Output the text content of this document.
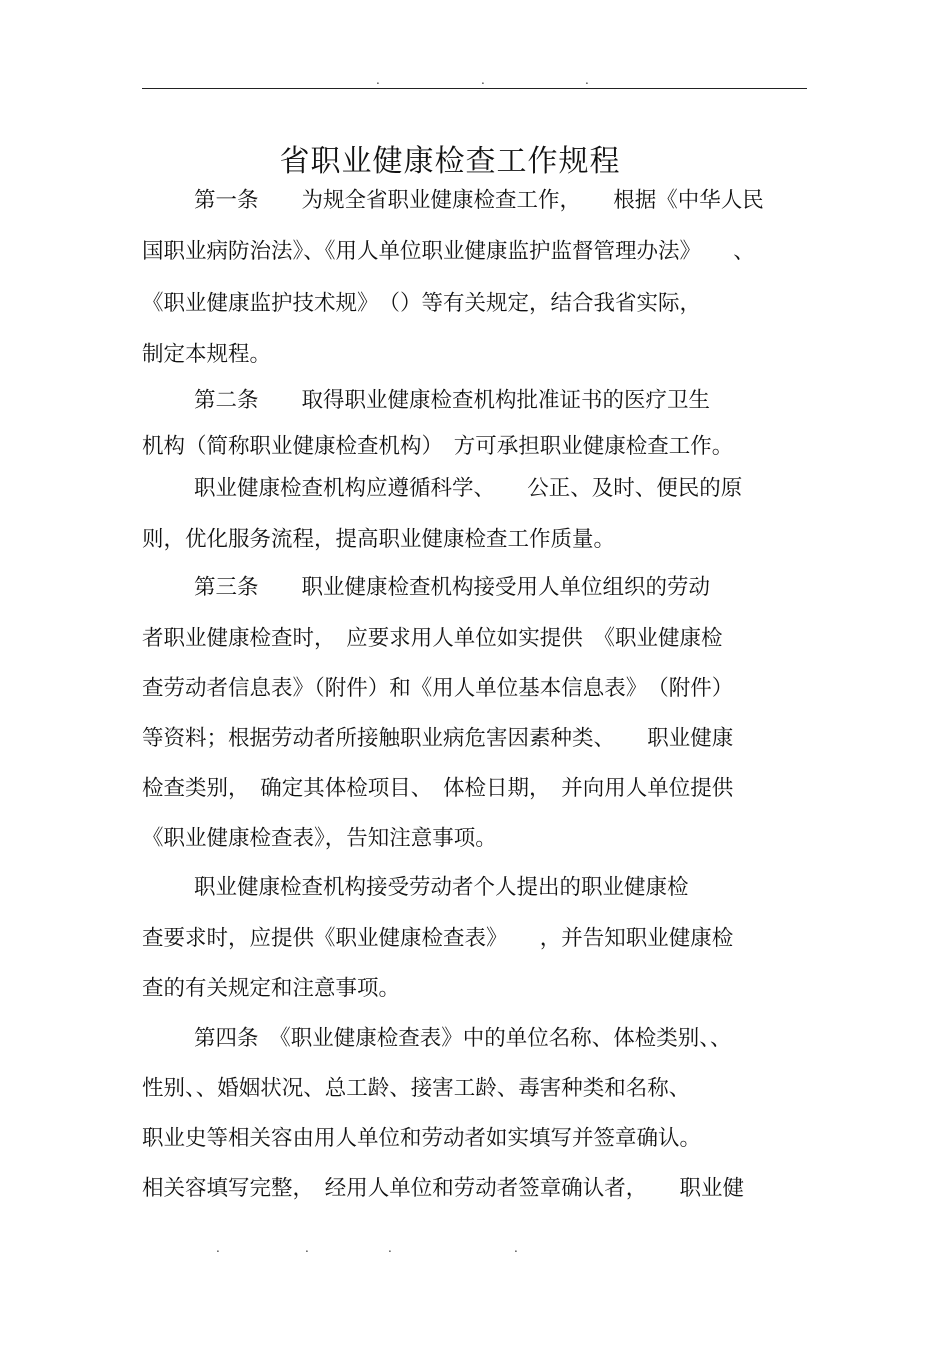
.	.	.
省职业健康检查工作规程
第一条　　为规全省职业健康检查工作，　　根据《中华人民
国职业病防治法》、《用人单位职业健康监护监督管理办法》　　、
《职业健康监护技术规》　（）等有关规定，结合我省实际，
制定本规程。
第二条　　取得职业健康检查机构批准证书的医疗卫生
机构（简称职业健康检查机构）　方可承担职业健康检查工作。
职业健康检查机构应遵循科学、　　公正、及时、便民的原
则，优化服务流程，提高职业健康检查工作质量。
第三条　　职业健康检查机构接受用人单位组织的劳动
者职业健康检查时，　应要求用人单位如实提供　《职业健康检
查劳动者信息表》（附件）和《用人单位基本信息表》　（附件）
等资料；根据劳动者所接触职业病危害因素种类、　　职业健康
检查类别，　确定其体检项目、　体检日期，　并向用人单位提供
《职业健康检查表》，告知注意事项。
职业健康检查机构接受劳动者个人提出的职业健康检
查要求时，应提供《职业健康检查表》　　，并告知职业健康检
查的有关规定和注意事项。
第四条　《职业健康检查表》中的单位名称、体检类别、、
性别、、婚姻状况、总工龄、接害工龄、毒害种类和名称、
职业史等相关容由用人单位和劳动者如实填写并签章确认。
相关容填写完整，　经用人单位和劳动者签章确认者，　　职业健
.	.	.	.
